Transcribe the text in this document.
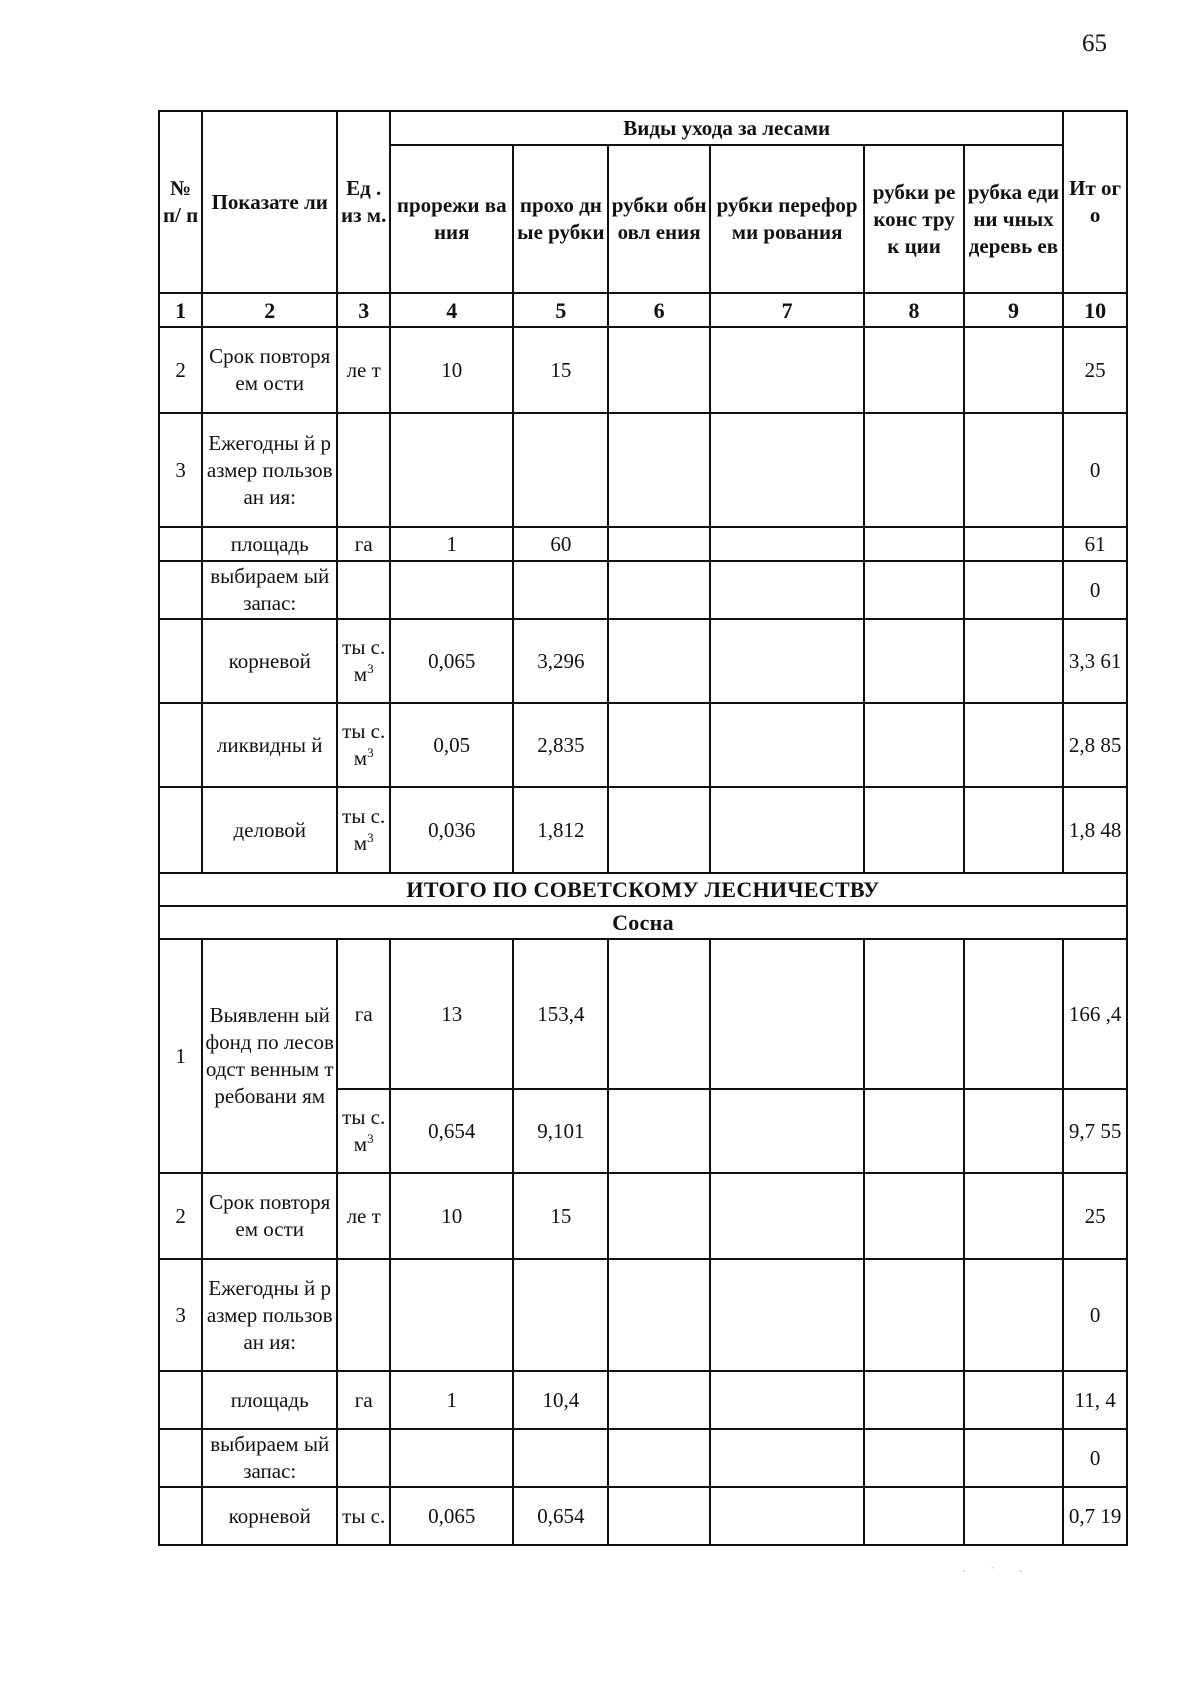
65
№ п/ п	Показате ли	Ед . из м.	Виды ухода за лесами						Ит ого
			прорежи вания	прохо дные рубки	рубки обновл ения	рубки переформи рования	рубки реконс трук ции	рубка едини чных деревь ев	
1	2	3	4	5	6	7	8	9	10
2	Срок повторяем ости	ле т	10	15					25
3	Ежегодны й размер пользован ия:								0
	площадь	га	1	60					61
	выбираем ый запас:								0
	корневой	ты с. $м^3$	0,065	3,296					3,3 61
	ликвидны й	ты с. $м^3$	0,05	2,835					2,8 85
	деловой	ты с. $м^3$	0,036	1,812					1,8 48
ИТОГО ПО СОВЕТСКОМУ ЛЕСНИЧЕСТВУ									
Сосна									
1	Выявленн ый фонд по лесоводст венным требовани ям	га	13	153,4					166 ,4
		ты с. $м^3$	0,654	9,101					9,7 55
2	Срок повторяем ости	ле т	10	15					25
3	Ежегодны й размер пользован ия:								0
	площадь	га	1	10,4					11, 4
	выбираем ый запас:								0
	корневой	ты с.	0,065	0,654					0,7 19
· ˙ ·
